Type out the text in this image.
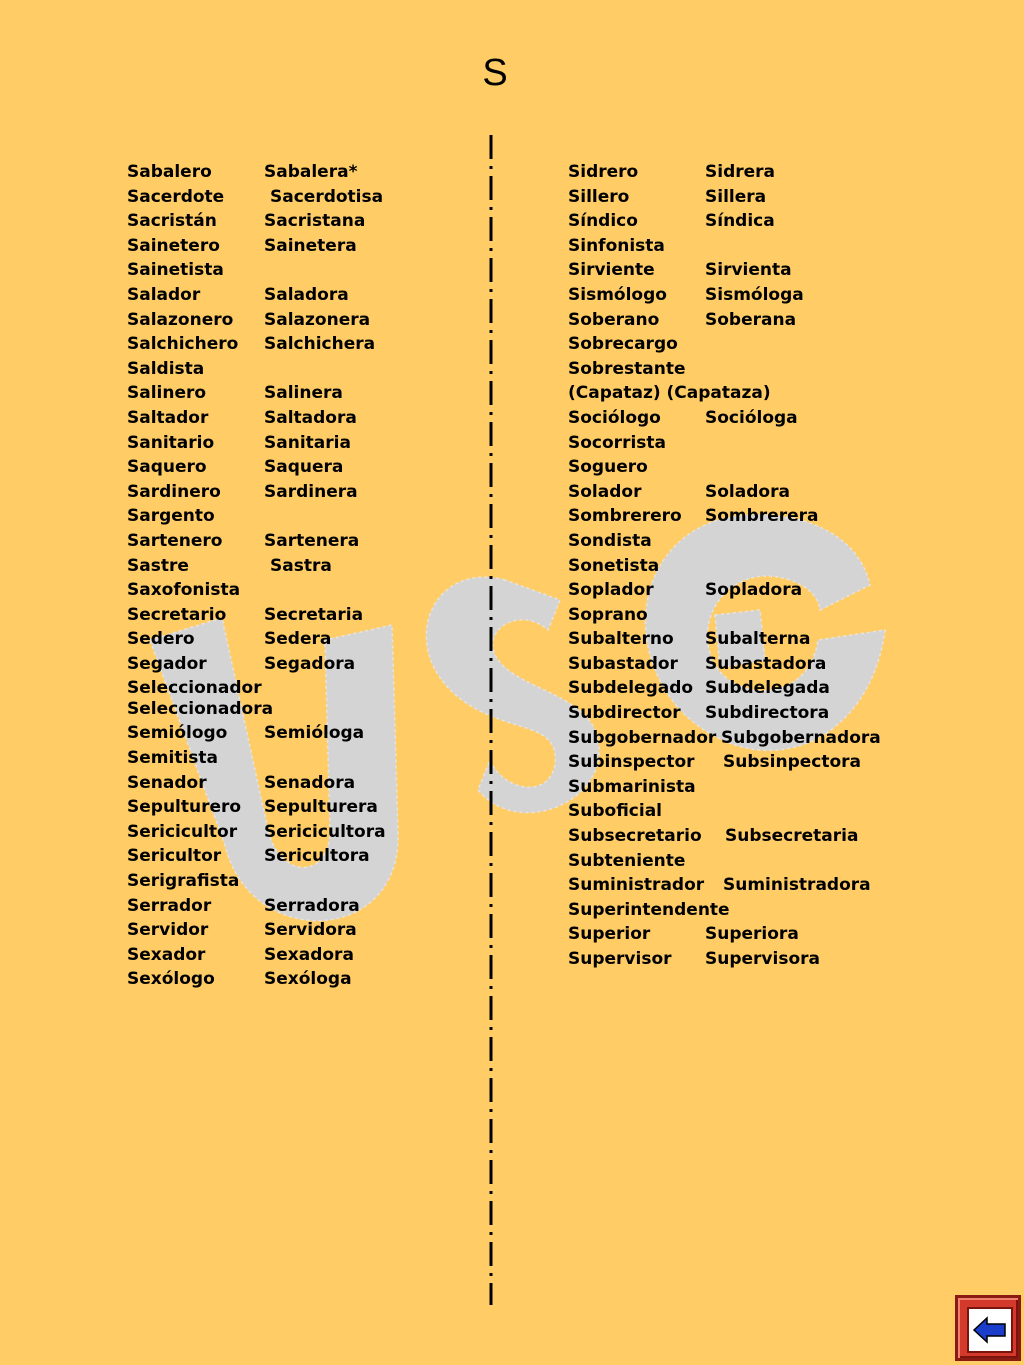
S
Sabalero	Sabalera*
Sacerdote	Sacerdotisa
Sacristán	Sacristana
Sainetero	Sainetera
Sainetista
Salador	Saladora
Salazonero Salazonera
Salchichero Salchichera
Saldista
Salinero	Salinera
Saltador	Saltadora
Sanitario	Sanitaria
Saquero	Saquera
Sardinero	Sardinera
Sargento
Sartenero Sartenera
Sastre	Sastra
Saxofonista
Secretario Secretaria
Sedero	Sedera
Segador	Segadora
Seleccionador
Seleccionadora
Semiólogo Semióloga
Semitista
Senador	Senadora
Sepulturero Sepulturera
Sericicultor Sericicultora
Sericultor	Sericultora
Serigrafista
Serrador	Serradora
Servidor	Servidora
Sexador	Sexadora
Sexólogo	Sexóloga
Sidrero	Sidrera
Sillero	Sillera
Síndico	Síndica
Sinfonista
Sirviente	Sirvienta
Sismólogo Sismóloga
Soberano	Soberana
Sobrecargo
Sobrestante
(Capataz) (Capataza)
Sociólogo	Socióloga
Socorrista
Soguero
Solador	Soladora
Sombrerero Sombrerera
Sondista
Sonetista
Soplador	Sopladora
Soprano
Subalterno Subalterna
Subastador Subastadora
Subdelegado Subdelegada
Subdirector Subdirectora
Subgobernador Subgobernadora
Subinspector Subsinpectora
Submarinista
Suboficial
Subsecretario Subsecretaria
Subteniente
Suministrador Suministradora
Superintendente
Superior	Superiora
Supervisor Supervisora
